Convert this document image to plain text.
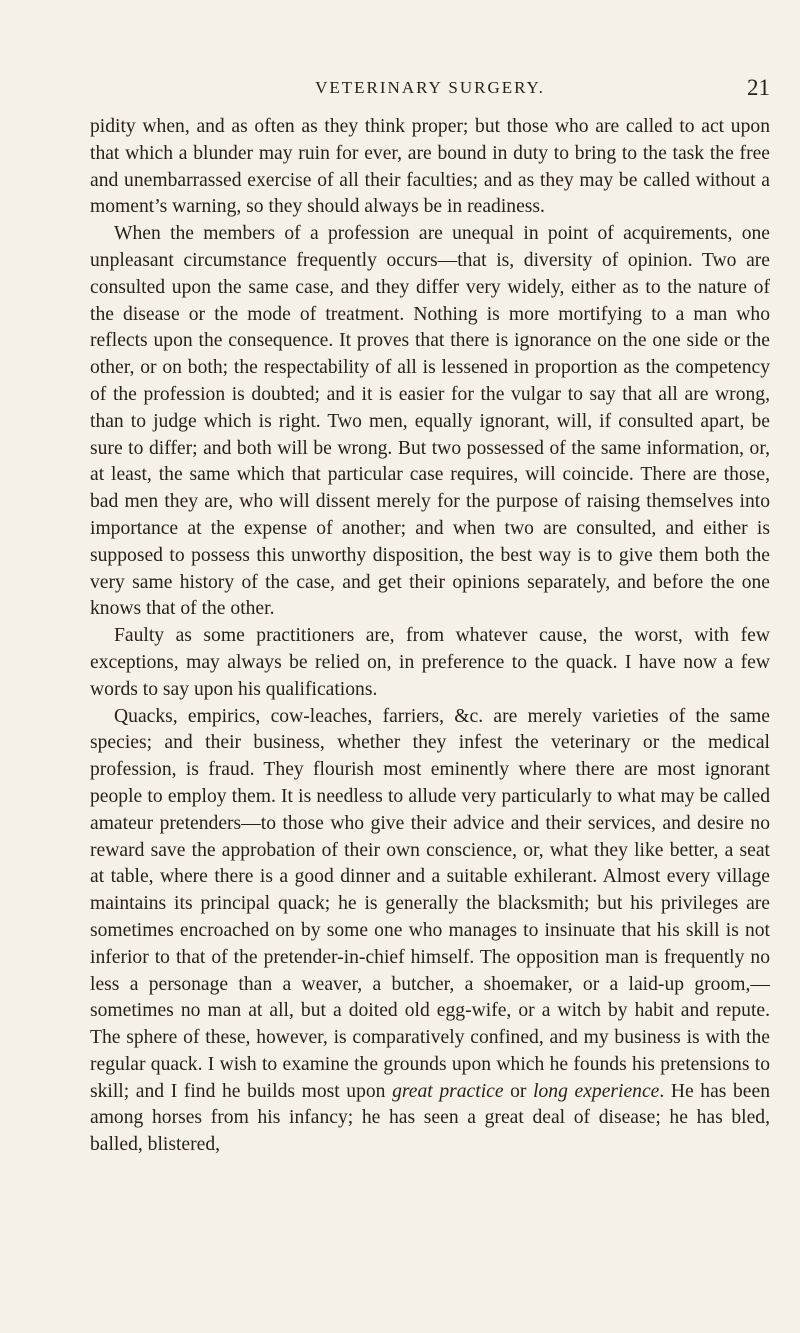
VETERINARY SURGERY.	21

pidity when, and as often as they think proper; but those who are called to act upon that which a blunder may ruin for ever, are bound in duty to bring to the task the free and unembarrassed exercise of all their faculties; and as they may be called without a moment’s warning, so they should always be in readiness.

When the members of a profession are unequal in point of acquirements, one unpleasant circumstance frequently occurs—that is, diversity of opinion. Two are consulted upon the same case, and they differ very widely, either as to the nature of the disease or the mode of treatment. Nothing is more mortifying to a man who reflects upon the consequence. It proves that there is ignorance on the one side or the other, or on both; the respectability of all is lessened in proportion as the competency of the profession is doubted; and it is easier for the vulgar to say that all are wrong, than to judge which is right. Two men, equally ignorant, will, if consulted apart, be sure to differ; and both will be wrong. But two possessed of the same information, or, at least, the same which that particular case requires, will coincide. There are those, bad men they are, who will dissent merely for the purpose of raising themselves into importance at the expense of another; and when two are consulted, and either is supposed to possess this unworthy disposition, the best way is to give them both the very same history of the case, and get their opinions separately, and before the one knows that of the other.

Faulty as some practitioners are, from whatever cause, the worst, with few exceptions, may always be relied on, in preference to the quack. I have now a few words to say upon his qualifications.

Quacks, empirics, cow-leaches, farriers, &c. are merely varieties of the same species; and their business, whether they infest the veterinary or the medical profession, is fraud. They flourish most eminently where there are most ignorant people to employ them. It is needless to allude very particularly to what may be called amateur pretenders—to those who give their advice and their services, and desire no reward save the approbation of their own conscience, or, what they like better, a seat at table, where there is a good dinner and a suitable exhilerant. Almost every village maintains its principal quack; he is generally the blacksmith; but his privileges are sometimes encroached on by some one who manages to insinuate that his skill is not inferior to that of the pretender-in-chief himself. The opposition man is frequently no less a personage than a weaver, a butcher, a shoemaker, or a laid-up groom,—sometimes no man at all, but a doited old egg-wife, or a witch by habit and repute. The sphere of these, however, is comparatively confined, and my business is with the regular quack. I wish to examine the grounds upon which he founds his pretensions to skill; and I find he builds most upon great practice or long experience. He has been among horses from his infancy; he has seen a great deal of disease; he has bled, balled, blistered,
